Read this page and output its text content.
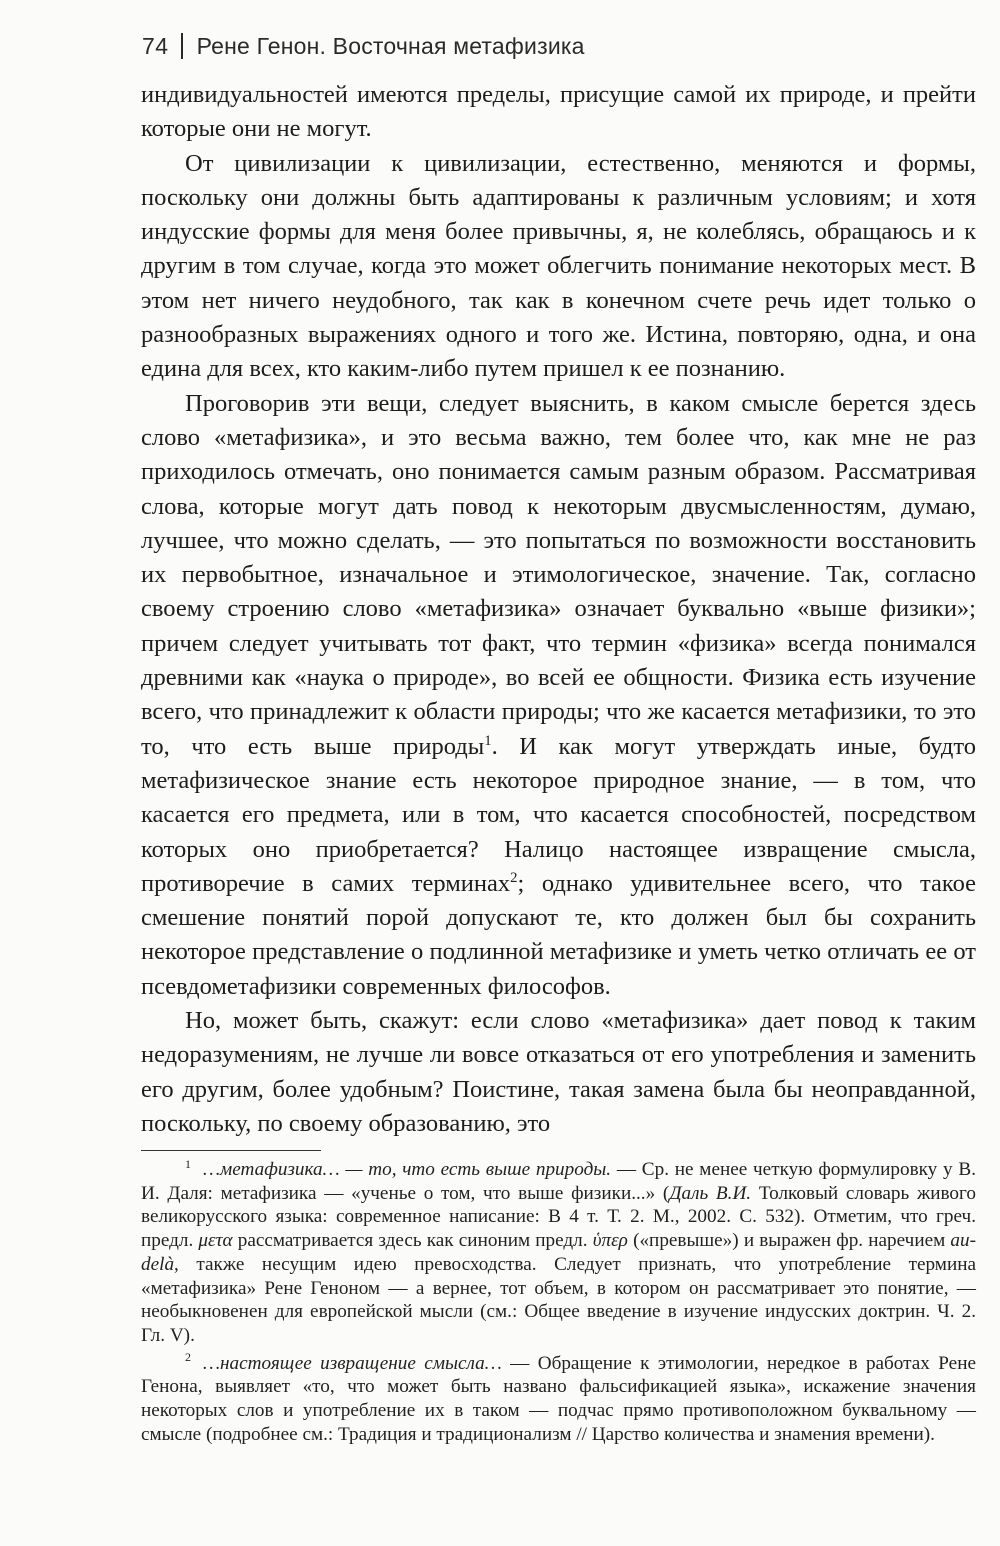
74 Рене Генон. Восточная метафизика

индивидуальностей имеются пределы, присущие самой их природе, и прейти которые они не могут.

От цивилизации к цивилизации, естественно, меняются и формы, поскольку они должны быть адаптированы к различным условиям; и хотя индусские формы для меня более привычны, я, не колеблясь, обращаюсь и к другим в том случае, когда это может облегчить понимание некоторых мест. В этом нет ничего неудобного, так как в конечном счете речь идет только о разнообразных выражениях одного и того же. Истина, повторяю, одна, и она едина для всех, кто каким-либо путем пришел к ее познанию.

Проговорив эти вещи, следует выяснить, в каком смысле берется здесь слово «метафизика», и это весьма важно, тем более что, как мне не раз приходилось отмечать, оно понимается самым разным образом. Рассматривая слова, которые могут дать повод к некоторым двусмысленностям, думаю, лучшее, что можно сделать, — это попытаться по возможности восстановить их первобытное, изначальное и этимологическое, значение. Так, согласно своему строению слово «метафизика» означает буквально «выше физики»; причем следует учитывать тот факт, что термин «физика» всегда понимался древними как «наука о природе», во всей ее общности. Физика есть изучение всего, что принадлежит к области природы; что же касается метафизики, то это то, что есть выше природы$^1$. И как могут утверждать иные, будто метафизическое знание есть некоторое природное знание, — в том, что касается его предмета, или в том, что касается способностей, посредством которых оно приобретается? Налицо настоящее извращение смысла, противоречие в самих терминах$^2$; однако удивительнее всего, что такое смешение понятий порой допускают те, кто должен был бы сохранить некоторое представление о подлинной метафизике и уметь четко отличать ее от псевдометафизики современных философов.

Но, может быть, скажут: если слово «метафизика» дает повод к таким недоразумениям, не лучше ли вовсе отказаться от его употребления и заменить его другим, более удобным? Поистине, такая замена была бы неоправданной, поскольку, по своему образованию, это

$^1$ …метафизика… — то, что есть выше природы. — Ср. не менее четкую формулировку у В. И. Даля: метафизика — «ученье о том, что выше физики...» (Даль В.И. Толковый словарь живого великорусского языка: современное написание: В 4 т. Т. 2. М., 2002. С. 532). Отметим, что греч. предл. μετα рассматривается здесь как синоним предл. ὑπερ («превыше») и выражен фр. наречием au-delà, также несущим идею превосходства. Следует признать, что употребление термина «метафизика» Рене Геноном — а вернее, тот объем, в котором он рассматривает это понятие, — необыкновенен для европейской мысли (см.: Общее введение в изучение индусских доктрин. Ч. 2. Гл. V).

$^2$ …настоящее извращение смысла… — Обращение к этимологии, нередкое в работах Рене Генона, выявляет «то, что может быть названо фальсификацией языка», искажение значения некоторых слов и употребление их в таком — подчас прямо противоположном буквальному — смысле (подробнее см.: Традиция и традиционализм // Царство количества и знамения времени).
